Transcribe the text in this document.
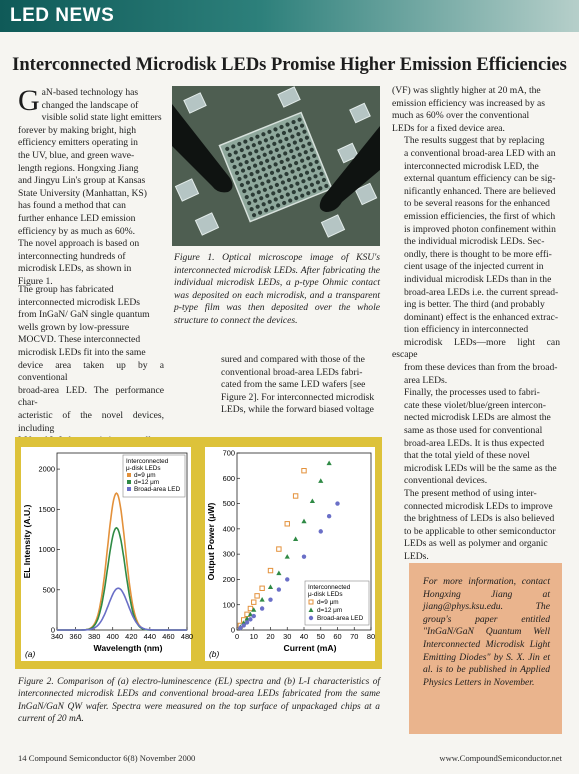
LED NEWS
Interconnected Microdisk LEDs Promise Higher Emission Efficiencies
G aN-based technology has
changed the landscape of
visible solid state light emitters
forever by making bright, high
efficiency emitters operating in
the UV, blue, and green wave-
length regions. Hongxing Jiang
and Jingyu Lin's group at Kansas
State University (Manhattan, KS)
has found a method that can
further enhance LED emission
efficiency by as much as 60%.
The novel approach is based on
interconnecting hundreds of
microdisk LEDs, as shown in
Figure 1.
The group has fabricated
interconnected microdisk LEDs
from InGaN/ GaN single quantum
wells grown by low-pressure
MOCVD. These interconnected
microdisk LEDs fit into the same
device area taken up by a conventional
broad-area LED. The performance char-
acteristic of the novel devices, including
Figure 1. Optical microscope image of KSU's interconnected microdisk LEDs. After fabricating the individual microdisk LEDs, a p-type Ohmic contact was deposited on each microdisk, and a transparent p-type film was then deposited over the whole structure to connect the devices.
sured and compared with those of the
conventional broad-area LEDs fabri-
cated from the same LED wafers [see
Figure 2]. For interconnected microdisk
LEDs, while the forward biased voltage
(VF) was slightly higher at 20 mA, the
emission efficiency was increased by as
much as 60% over the conventional
LEDs for a fixed device area.
The results suggest that by replacing
a conventional broad-area LED with an
interconnected microdisk LED, the
external quantum efficiency can be sig-
nificantly enhanced. There are believed
to be several reasons for the enhanced
emission efficiencies, the first of which
is improved photon confinement within
the individual microdisk LEDs. Sec-
ondly, there is thought to be more effi-
cient usage of the injected current in
individual microdisk LEDs than in the
broad-area LEDs i.e. the current spread-
ing is better. The third (and probably
dominant) effect is the enhanced extrac-
tion efficiency in interconnected
microdisk LEDs—more light can escape
from these devices than from the broad-
area LEDs.
Finally, the processes used to fabri-
cate these violet/blue/green intercon-
nected microdisk LEDs are almost the
same as those used for conventional
broad-area LEDs. It is thus expected
that the total yield of these novel
microdisk LEDs will be the same as the
conventional devices.
The present method of using inter-
connected microdisk LEDs to improve
the brightness of LEDs is also believed
to be applicable to other semiconductor
LEDs as well as polymer and organic
LEDs.
340 360 380 400 420 440 460 480
0
500
1000
1500
2000
Wavelength (nm)
EL Intensity (A.U.)
(a)
Interconnected
μ-disk LEDs
d=9 μm
d=12 μm
Broad-area LED
0 10 20 30 40 50 60 70 80
0
100
200
300
400
500
600
700
Current (mA)
Output Power (μW)
(b)
Interconnected
μ-disk LEDs
d=9 μm
d=12 μm
Broad-area LED
Figure 2. Comparison of (a) electro-luminescence (EL) spectra and (b) L-I characteristics of interconnected microdisk LEDs and conventional broad-area LEDs fabricated from the same InGaN/GaN QW wafer. Spectra were measured on the top surface of unpackaged chips at a current of 20 mA.
For more information, contact Hongxing Jiang at jiang@phys.ksu.edu. The group's paper entitled "InGaN/GaN Quantum Well Interconnected Microdisk Light Emitting Diodes" by S. X. Jin et al. is to be published in Applied Physics Letters in November.
14 Compound Semiconductor 6(8) November 2000	www.CompoundSemiconductor.net
